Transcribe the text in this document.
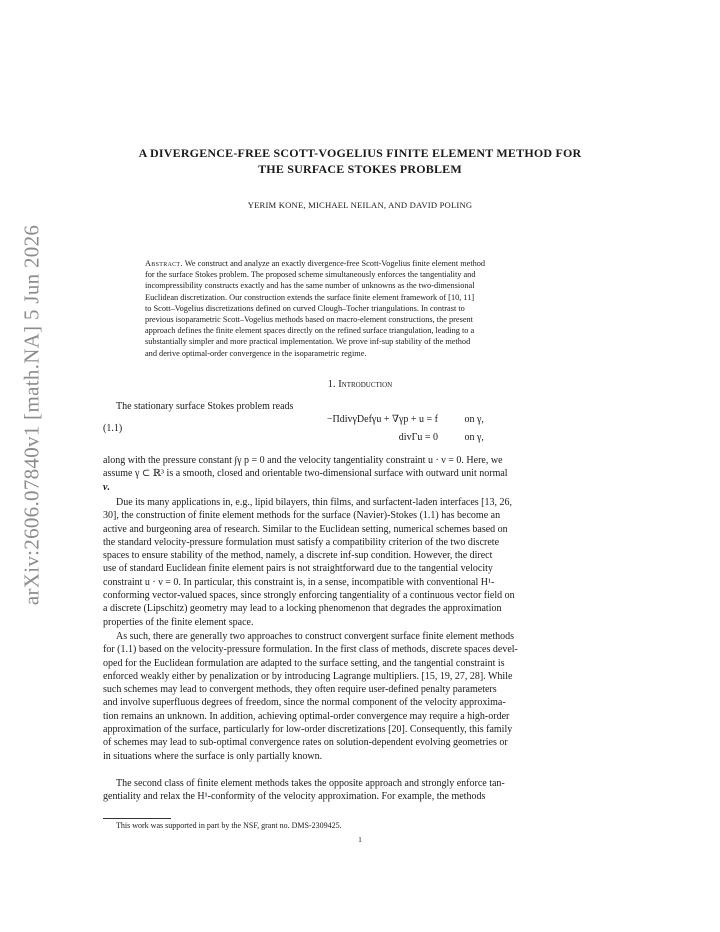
arXiv:2606.07840v1 [math.NA] 5 Jun 2026
A DIVERGENCE-FREE SCOTT-VOGELIUS FINITE ELEMENT METHOD FOR
THE SURFACE STOKES PROBLEM
YERIM KONE, MICHAEL NEILAN, AND DAVID POLING
Abstract. We construct and analyze an exactly divergence-free Scott-Vogelius finite element method
for the surface Stokes problem. The proposed scheme simultaneously enforces the tangentiality and
incompressibility constructs exactly and has the same number of unknowns as the two-dimensional
Euclidean discretization. Our construction extends the surface finite element framework of [10, 11]
to Scott–Vogelius discretizations defined on curved Clough–Tocher triangulations. In contrast to
previous isoparametric Scott–Vogelius methods based on macro-element constructions, the present
approach defines the finite element spaces directly on the refined surface triangulation, leading to a
substantially simpler and more practical implementation. We prove inf-sup stability of the method
and derive optimal-order convergence in the isoparametric regime.
1. Introduction
The stationary surface Stokes problem reads
(1.1)
−ΠdivγDefγu + ∇γp + u = f	on γ,
divΓu = 0	on γ,
along with the pressure constant ∫γ p = 0 and the velocity tangentiality constraint u · ν = 0. Here, we
assume γ ⊂ ℝ³ is a smooth, closed and orientable two-dimensional surface with outward unit normal
ν.
Due its many applications in, e.g., lipid bilayers, thin films, and surfactent-laden interfaces [13, 26,
30], the construction of finite element methods for the surface (Navier)-Stokes (1.1) has become an
active and burgeoning area of research. Similar to the Euclidean setting, numerical schemes based on
the standard velocity-pressure formulation must satisfy a compatibility criterion of the two discrete
spaces to ensure stability of the method, namely, a discrete inf-sup condition. However, the direct
use of standard Euclidean finite element pairs is not straightforward due to the tangential velocity
constraint u · ν = 0. In particular, this constraint is, in a sense, incompatible with conventional H¹-
conforming vector-valued spaces, since strongly enforcing tangentiality of a continuous vector field on
a discrete (Lipschitz) geometry may lead to a locking phenomenon that degrades the approximation
properties of the finite element space.
As such, there are generally two approaches to construct convergent surface finite element methods
for (1.1) based on the velocity-pressure formulation. In the first class of methods, discrete spaces devel-
oped for the Euclidean formulation are adapted to the surface setting, and the tangential constraint is
enforced weakly either by penalization or by introducing Lagrange multipliers. [15, 19, 27, 28]. While
such schemes may lead to convergent methods, they often require user-defined penalty parameters
and involve superfluous degrees of freedom, since the normal component of the velocity approxima-
tion remains an unknown. In addition, achieving optimal-order convergence may require a high-order
approximation of the surface, particularly for low-order discretizations [20]. Consequently, this family
of schemes may lead to sub-optimal convergence rates on solution-dependent evolving geometries or
in situations where the surface is only partially known.
The second class of finite element methods takes the opposite approach and strongly enforce tan-
gentiality and relax the H¹-conformity of the velocity approximation. For example, the methods
This work was supported in part by the NSF, grant no. DMS-2309425.
1
